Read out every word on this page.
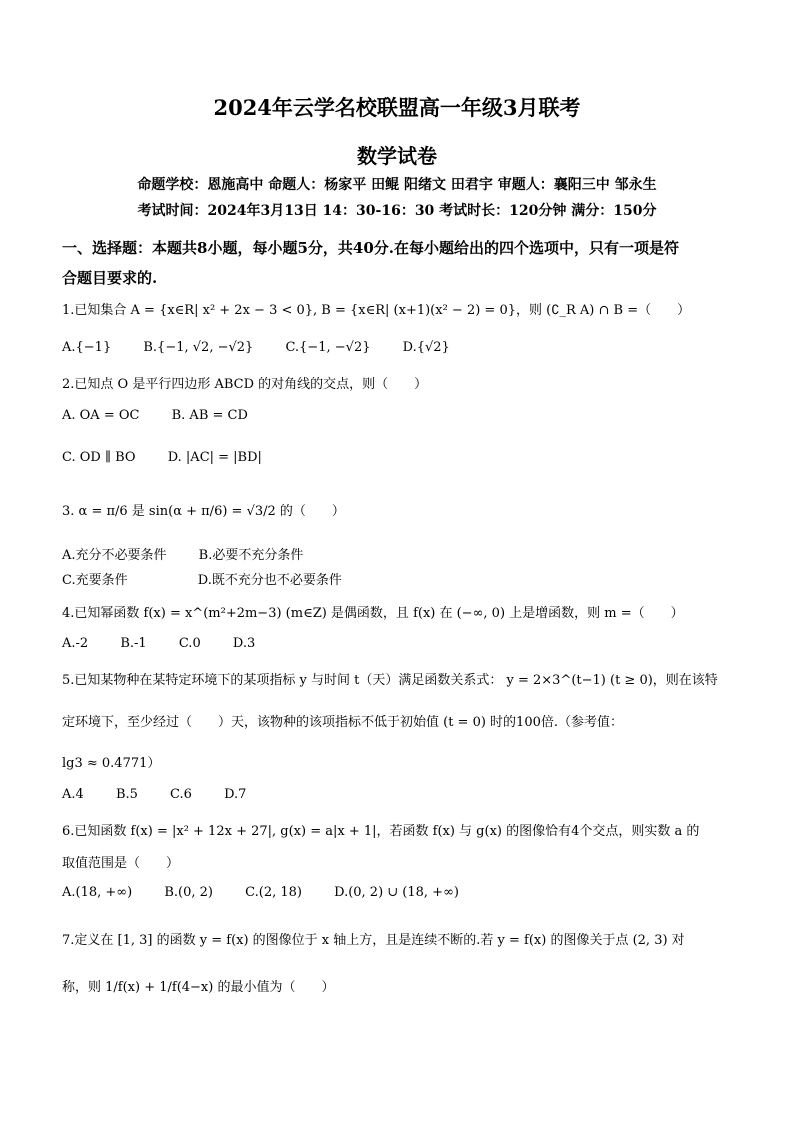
2024年云学名校联盟高一年级3月联考
数学试卷
命题学校：恩施高中 命题人：杨家平 田鲲 阳绪文 田君宇 审题人：襄阳三中 邹永生
考试时间：2024年3月13日 14：30-16：30 考试时长：120分钟 满分：150分
一、选择题：本题共8小题，每小题5分，共40分.在每小题给出的四个选项中，只有一项是符
合题目要求的.
1.已知集合 A = {x∈R| x² + 2x − 3 < 0}, B = {x∈R| (x+1)(x² − 2) = 0}，则 (∁_R A) ∩ B =（　　）
A.{−1} B.{−1, √2, −√2} C.{−1, −√2} D.{√2}
2.已知点 O 是平行四边形 ABCD 的对角线的交点，则（　　）
A. OA = OC B. AB = CD
C. OD ∥ BO D. |AC| = |BD|
3. α = π/6 是 sin(α + π/6) = √3/2 的（　　）
A.充分不必要条件 B.必要不充分条件
C.充要条件	D.既不充分也不必要条件
4.已知幂函数 f(x) = x^(m²+2m−3) (m∈Z) 是偶函数，且 f(x) 在 (−∞, 0) 上是增函数，则 m =（　　）
A.-2 B.-1 C.0 D.3
5.已知某物种在某特定环境下的某项指标 y 与时间 t（天）满足函数关系式： y = 2×3^(t−1) (t ≥ 0)，则在该特
定环境下，至少经过（　　）天，该物种的该项指标不低于初始值 (t = 0) 时的100倍.（参考值：
lg3 ≈ 0.4771）
A.4 B.5 C.6 D.7
6.已知函数 f(x) = |x² + 12x + 27|, g(x) = a|x + 1|，若函数 f(x) 与 g(x) 的图像恰有4个交点，则实数 a 的
取值范围是（　　）
A.(18, +∞) B.(0, 2) C.(2, 18) D.(0, 2) ∪ (18, +∞)
7.定义在 [1, 3] 的函数 y = f(x) 的图像位于 x 轴上方，且是连续不断的.若 y = f(x) 的图像关于点 (2, 3) 对
称，则 1/f(x) + 1/f(4−x) 的最小值为（　　）
